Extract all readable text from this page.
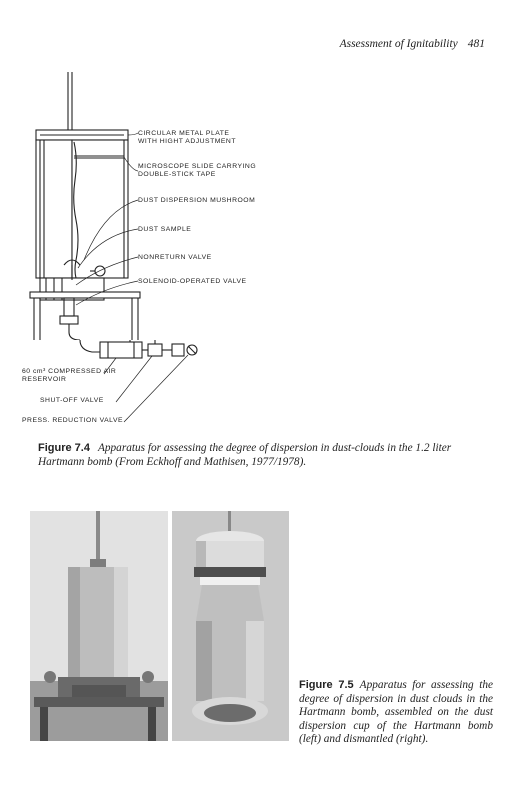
Assessment of Ignitability 481
CIRCULAR METAL PLATE
WITH HIGHT ADJUSTMENT
MICROSCOPE SLIDE CARRYING
DOUBLE-STICK TAPE
DUST DISPERSION MUSHROOM
DUST SAMPLE
NONRETURN VALVE
SOLENOID-OPERATED VALVE
60 cm³ COMPRESSED AIR
RESERVOIR
SHUT-OFF VALVE
PRESS. REDUCTION VALVE
Figure 7.4 Apparatus for assessing the degree of dispersion in dust-clouds in the 1.2 liter Hartmann bomb (From Eckhoff and Mathisen, 1977/1978).
Figure 7.5 Apparatus for assessing the degree of dispersion in dust clouds in the Hartmann bomb, assembled on the dust dispersion cup of the Hartmann bomb (left) and dismantled (right).
